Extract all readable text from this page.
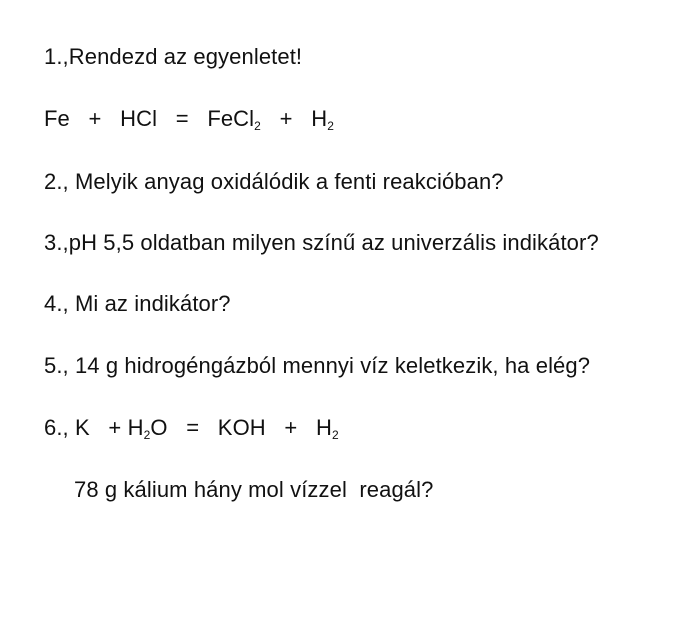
1.,Rendezd az egyenletet!
Fe + HCl = FeCl$_2$ + $H_2$
2., Melyik anyag oxidálódik a fenti reakcióban?
3.,pH 5,5 oldatban milyen színű az univerzális indikátor?
4., Mi az indikátor?
5., 14 g hidrogéngázból mennyi víz keletkezik, ha elég?
6., $K + H_2O$ = KOH + $H_2$
78 g kálium hány mol vízzel  reagál?
